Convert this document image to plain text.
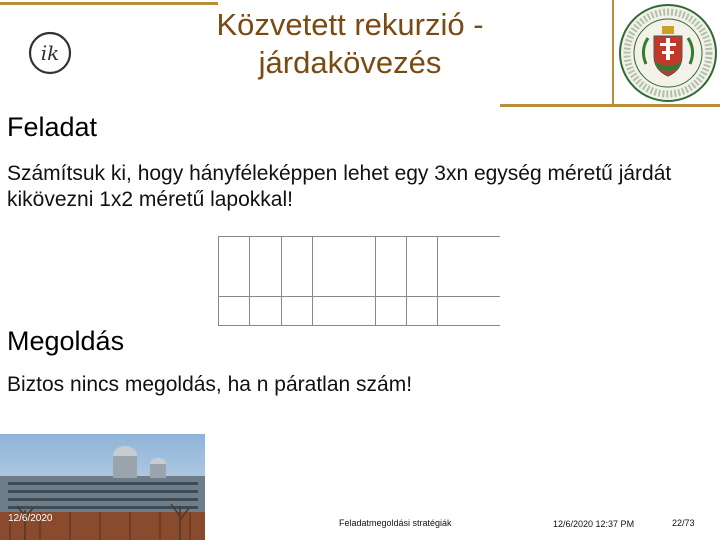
ik
Közvetett rekurzió -
járdakövezés
Feladat
Számítsuk ki, hogy hányféleképpen lehet egy 3xn egység méretű járdát kikövezni 1x2 méretű lapokkal!
Megoldás
Biztos nincs megoldás, ha n páratlan szám!
12/6/2020	Feladatmegoldási stratégiák	12/6/2020 12:37 PM	22/73
